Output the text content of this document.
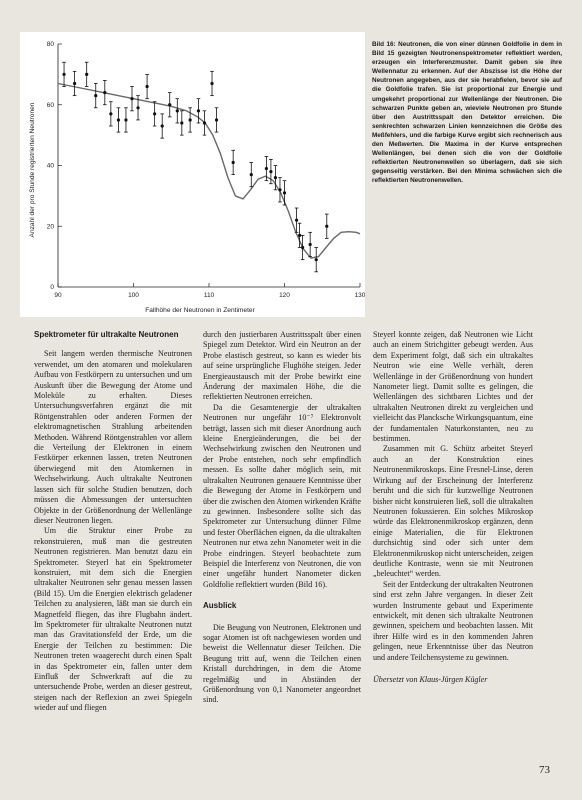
90	100	110	120	130
0
20
40
60
80
Anzahl der pro Stunde registrierten Neutronen
Fallhöhe der Neutronen in Zentimeter

Bild 16: Neutronen, die von einer dünnen Goldfolie in dem in Bild 15 gezeigten Neutronenspektrometer reflektiert werden, erzeugen ein Interferenzmuster. Damit geben sie ihre Wellennatur zu erkennen. Auf der Abszisse ist die Höhe der Neutronen angegeben, aus der sie herabfielen, bevor sie auf die Goldfolie trafen. Sie ist proportional zur Energie und umgekehrt proportional zur Wellenlänge der Neutronen. Die schwarzen Punkte geben an, wieviele Neutronen pro Stunde über den Austrittsspalt den Detektor erreichen. Die senkrechten schwarzen Linien kennzeichnen die Größe des Meßfehlers, und die farbige Kurve ergibt sich rechnerisch aus den Meßwerten. Die Maxima in der Kurve entsprechen Wellenlängen, bei denen sich die von der Goldfolie reflektierten Neutronenwellen so überlagern, daß sie sich gegenseitig verstärken. Bei den Minima schwächen sich die reflektierten Neutronenwellen.

Spektrometer für ultrakalte Neutronen

Seit langem werden thermische Neutronen verwendet, um den atomaren und molekularen Aufbau von Festkörpern zu untersuchen und um Auskunft über die Bewegung der Atome und Moleküle zu erhalten. Dieses Untersuchungsverfahren ergänzt die mit Röntgenstrahlen oder anderen Formen der elektromagnetischen Strahlung arbeitenden Methoden. Während Röntgenstrahlen vor allem die Verteilung der Elektronen in einem Festkörper erkennen lassen, treten Neutronen überwiegend mit den Atomkernen in Wechselwirkung. Auch ultrakalte Neutronen lassen sich für solche Studien benutzen, doch müssen die Abmessungen der untersuchten Objekte in der Größenordnung der Wellenlänge dieser Neutronen liegen.

Um die Struktur einer Probe zu rekonstruieren, muß man die gestreuten Neutronen registrieren. Man benutzt dazu ein Spektrometer. Steyerl hat ein Spektrometer konstruiert, mit dem sich die Energien ultrakalter Neutronen sehr genau messen lassen (Bild 15). Um die Energien elektrisch geladener Teilchen zu analysieren, läßt man sie durch ein Magnetfeld fliegen, das ihre Flugbahn ändert. Im Spektrometer für ultrakalte Neutronen nutzt man das Gravitationsfeld der Erde, um die Energie der Teilchen zu bestimmen: Die Neutronen treten waagerecht durch einen Spalt in das Spektrometer ein, fallen unter dem Einfluß der Schwerkraft auf die zu untersuchende Probe, werden an dieser gestreut, steigen nach der Reflexion an zwei Spiegeln wieder auf und fliegen

durch den justierbaren Austrittsspalt über einen Spiegel zum Detektor. Wird ein Neutron an der Probe elastisch gestreut, so kann es wieder bis auf seine ursprüngliche Flughöhe steigen. Jeder Energieaustausch mit der Probe bewirkt eine Änderung der maximalen Höhe, die die reflektierten Neutronen erreichen.

Da die Gesamtenergie der ultrakalten Neutronen nur ungefähr 10⁻⁷ Elektronvolt beträgt, lassen sich mit dieser Anordnung auch kleine Energieänderungen, die bei der Wechselwirkung zwischen den Neutronen und der Probe entstehen, noch sehr empfindlich messen. Es sollte daher möglich sein, mit ultrakalten Neutronen genauere Kenntnisse über die Bewegung der Atome in Festkörpern und über die zwischen den Atomen wirkenden Kräfte zu gewinnen. Insbesondere sollte sich das Spektrometer zur Untersuchung dünner Filme und fester Oberflächen eignen, da die ultrakalten Neutronen nur etwa zehn Nanometer weit in die Probe eindringen. Steyerl beobachtete zum Beispiel die Interferenz von Neutronen, die von einer ungefähr hundert Nanometer dicken Goldfolie reflektiert wurden (Bild 16).

Ausblick

Die Beugung von Neutronen, Elektronen und sogar Atomen ist oft nachgewiesen worden und beweist die Wellennatur dieser Teilchen. Die Beugung tritt auf, wenn die Teilchen einen Kristall durchdringen, in dem die Atome regelmäßig und in Abständen der Größenordnung von 0,1 Nanometer angeordnet sind.

Steyerl konnte zeigen, daß Neutronen wie Licht auch an einem Strichgitter gebeugt werden. Aus dem Experiment folgt, daß sich ein ultrakaltes Neutron wie eine Welle verhält, deren Wellenlänge in der Größenordnung von hundert Nanometer liegt. Damit sollte es gelingen, die Wellenlängen des sichtbaren Lichtes und der ultrakalten Neutronen direkt zu vergleichen und vielleicht das Plancksche Wirkungsquantum, eine der fundamentalen Naturkonstanten, neu zu bestimmen.

Zusammen mit G. Schütz arbeitet Steyerl auch an der Konstruktion eines Neutronenmikroskops. Eine Fresnel-Linse, deren Wirkung auf der Erscheinung der Interferenz beruht und die sich für kurzwellige Neutronen bisher nicht konstruieren ließ, soll die ultrakalten Neutronen fokussieren. Ein solches Mikroskop würde das Elektronenmikroskop ergänzen, denn einige Materialien, die für Elektronen durchsichtig sind oder sich unter dem Elektronenmikroskop nicht unterscheiden, zeigen deutliche Kontraste, wenn sie mit Neutronen „beleuchtet“ werden.

Seit der Entdeckung der ultrakalten Neutronen sind erst zehn Jahre vergangen. In dieser Zeit wurden Instrumente gebaut und Experimente entwickelt, mit denen sich ultrakalte Neutronen gewinnen, speichern und beobachten lassen. Mit ihrer Hilfe wird es in den kommenden Jahren gelingen, neue Erkenntnisse über das Neutron und andere Teilchensysteme zu gewinnen.

Übersetzt von Klaus-Jürgen Kügler

73
